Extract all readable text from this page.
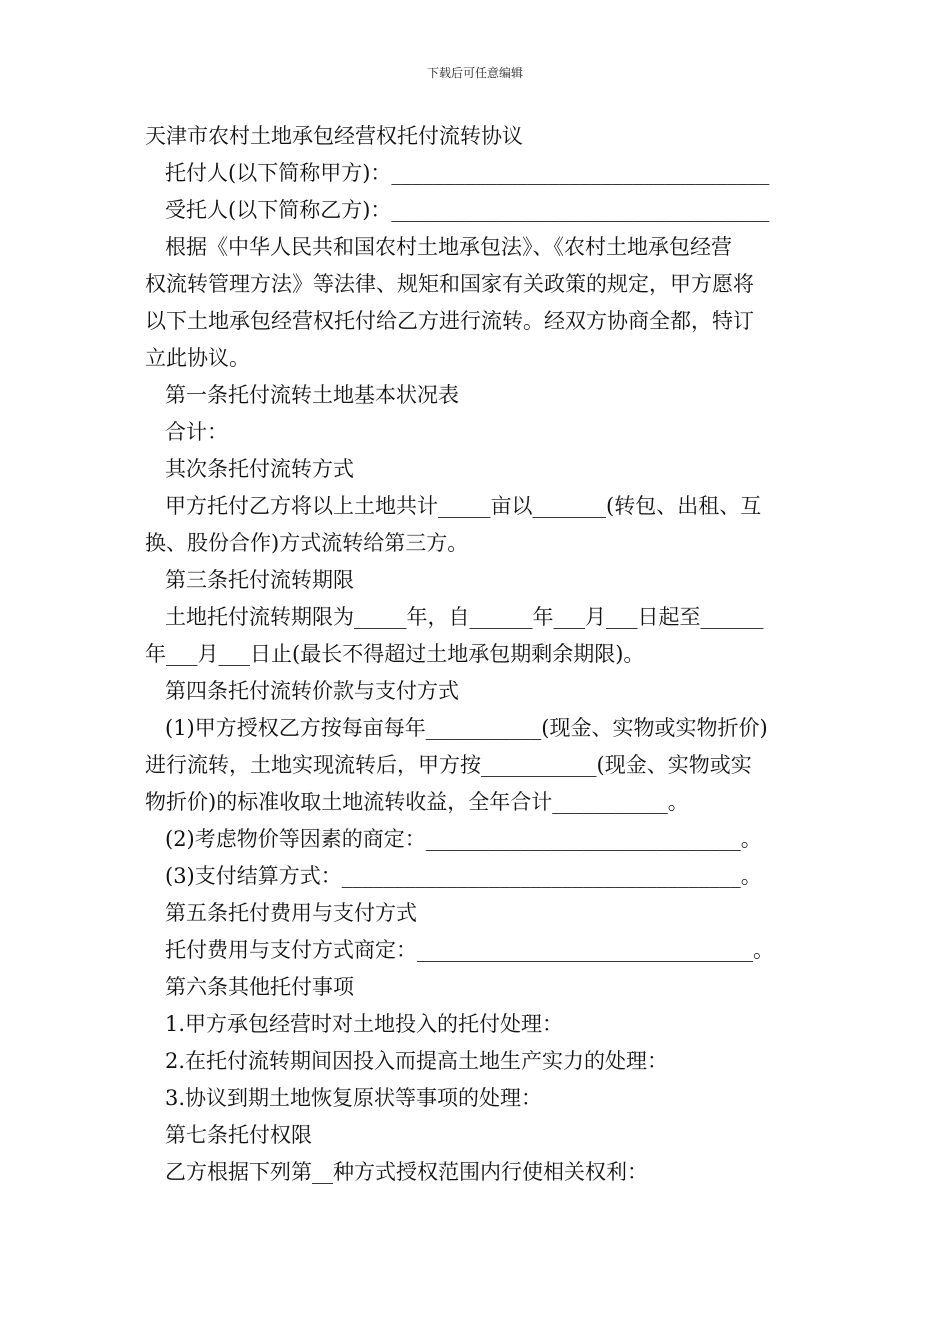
下载后可任意编辑
天津市农村土地承包经营权托付流转协议
托付人(以下简称甲方)：____________________________________
受托人(以下简称乙方)：____________________________________
根据《中华人民共和国农村土地承包法》、《农村土地承包经营
权流转管理方法》等法律、规矩和国家有关政策的规定，甲方愿将
以下土地承包经营权托付给乙方进行流转。经双方协商全都，特订
立此协议。
第一条托付流转土地基本状况表
合计：
其次条托付流转方式
甲方托付乙方将以上土地共计_____亩以_______(转包、出租、互
换、股份合作)方式流转给第三方。
第三条托付流转期限
土地托付流转期限为_____年，自______年___月___日起至______
年___月___日止(最长不得超过土地承包期剩余期限)。
第四条托付流转价款与支付方式
(1)甲方授权乙方按每亩每年___________(现金、实物或实物折价)
进行流转，土地实现流转后，甲方按___________(现金、实物或实
物折价)的标准收取土地流转收益，全年合计___________。
(2)考虑物价等因素的商定：______________________________。
(3)支付结算方式：______________________________________。
第五条托付费用与支付方式
托付费用与支付方式商定：________________________________。
第六条其他托付事项
1.甲方承包经营时对土地投入的托付处理：
2.在托付流转期间因投入而提高土地生产实力的处理：
3.协议到期土地恢复原状等事项的处理：
第七条托付权限
乙方根据下列第__种方式授权范围内行使相关权利：
